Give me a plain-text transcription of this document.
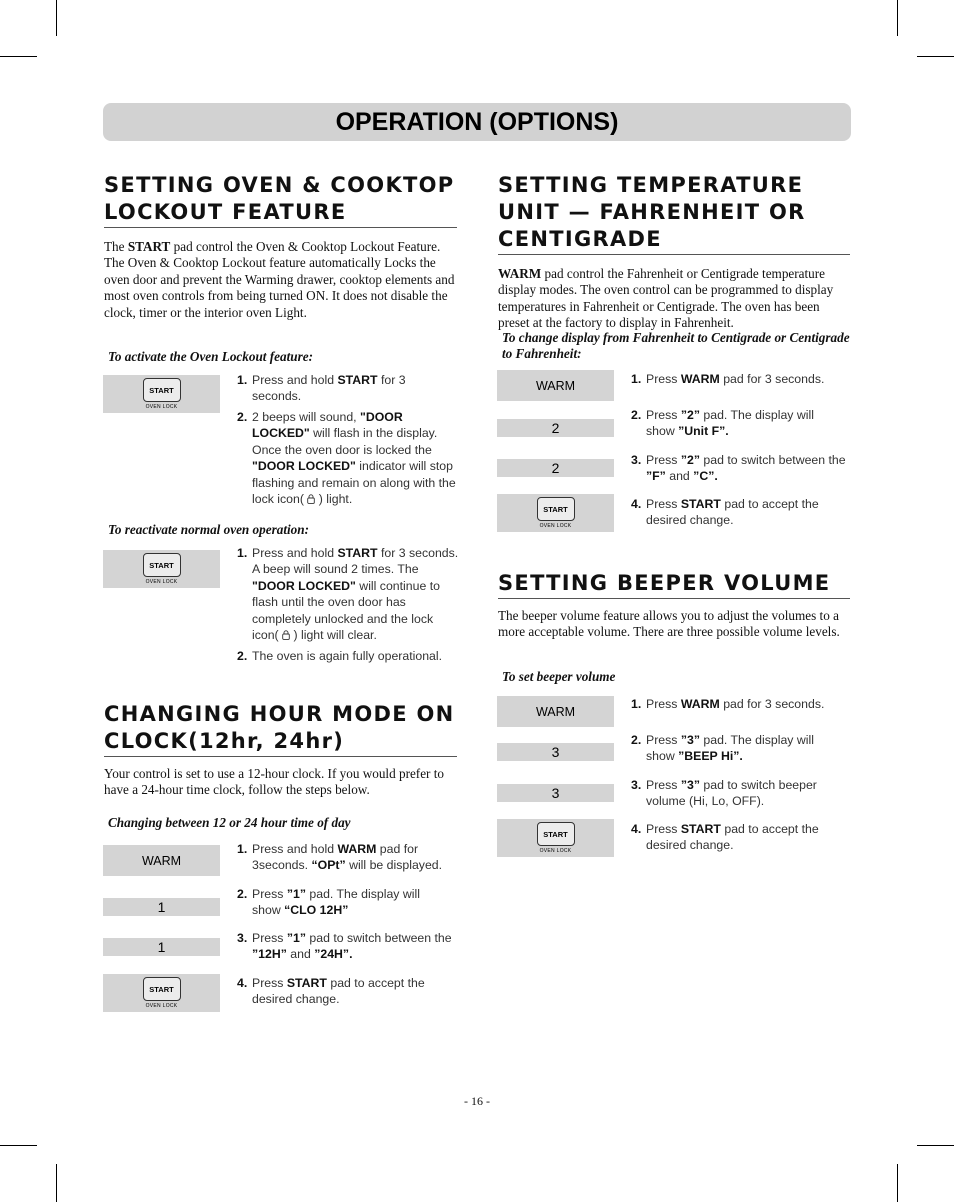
OPERATION (OPTIONS)
SETTING OVEN & COOKTOP LOCKOUT FEATURE

The START pad control the Oven & Cooktop Lockout Feature. The Oven & Cooktop Lockout feature automatically Locks the oven door and prevent the Warming drawer, cooktop elements and most oven controls from being turned ON. It does not disable the clock, timer or the interior oven Light.

To activate the Oven Lockout feature:

START
OVEN LOCK
1. Press and hold START for 3 seconds.
2. 2 beeps will sound, "DOOR LOCKED" will flash in the display. Once the oven door is locked the "DOOR LOCKED" indicator will stop flashing and remain on along with the lock icon(  ) light.

To reactivate normal oven operation:

START
OVEN LOCK
1. Press and hold START for 3 seconds. A beep will sound 2 times. The "DOOR LOCKED" will continue to flash until the oven door has completely unlocked and the lock icon(  ) light will clear.
2. The oven is again fully operational.
CHANGING HOUR MODE ON CLOCK(12hr, 24hr)

Your control is set to use a 12-hour clock. If you would prefer to have a 24-hour time clock, follow the steps below.

Changing between 12 or 24 hour time of day

WARM
1
1
START
OVEN LOCK
1. Press and hold WARM pad for 3seconds. “OPt” will be displayed.
2. Press ”1” pad. The display will show “CLO 12H”
3. Press ”1” pad to switch between the ”12H” and ”24H”.
4. Press START pad to accept the desired change.
SETTING TEMPERATURE UNIT — FAHRENHEIT OR CENTIGRADE

WARM pad control the Fahrenheit or Centigrade temperature display modes. The oven control can be programmed to display temperatures in Fahrenheit or Centigrade. The oven has been preset at the factory to display in Fahrenheit.

To change display from Fahrenheit to Centigrade or Centigrade to Fahrenheit:

WARM
2
2
START
OVEN LOCK
1. Press WARM pad for 3 seconds.
2. Press ”2” pad. The display will show ”Unit F”.
3. Press ”2” pad to switch between the ”F” and ”C”.
4. Press START pad to accept the desired change.
SETTING BEEPER VOLUME

The beeper volume feature allows you to adjust the volumes to a more acceptable volume. There are three possible volume levels.

To set beeper volume

WARM
3
3
START
OVEN LOCK
1. Press WARM pad for 3 seconds.
2. Press ”3” pad. The display will show ”BEEP Hi”.
3. Press ”3” pad to switch beeper volume (Hi, Lo, OFF).
4. Press START pad to accept the desired change.
- 16 -
